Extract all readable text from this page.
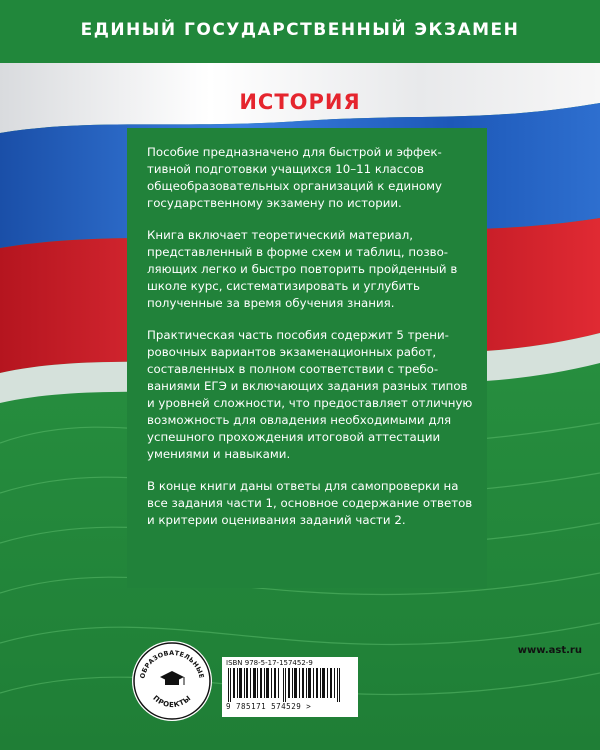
ЕДИНЫЙ ГОСУДАРСТВЕННЫЙ ЭКЗАМЕН
ИСТОРИЯ

Пособие предназначено для быстрой и эффективной подготовки учащихся 10–11 классов общеобразовательных организаций к единому государственному экзамену по истории.

Книга включает теоретический материал, представленный в форме схем и таблиц, позволяющих легко и быстро повторить пройденный в школе курс, систематизировать и углубить полученные за время обучения знания.

Практическая часть пособия содержит 5 тренировочных вариантов экзаменационных работ, составленных в полном соответствии с требованиями ЕГЭ и включающих задания разных типов и уровней сложности, что предоставляет отличную возможность для овладения необходимыми для успешного прохождения итоговой аттестации умениями и навыками.

В конце книги даны ответы для самопроверки на все задания части 1, основное содержание ответов и критерии оценивания заданий части 2.

ОБРАЗОВАТЕЛЬНЫЕ
ПРОЕКТЫ
www.ast.ru
ISBN 978-5-17-157452-9
9 785171 574529 >
